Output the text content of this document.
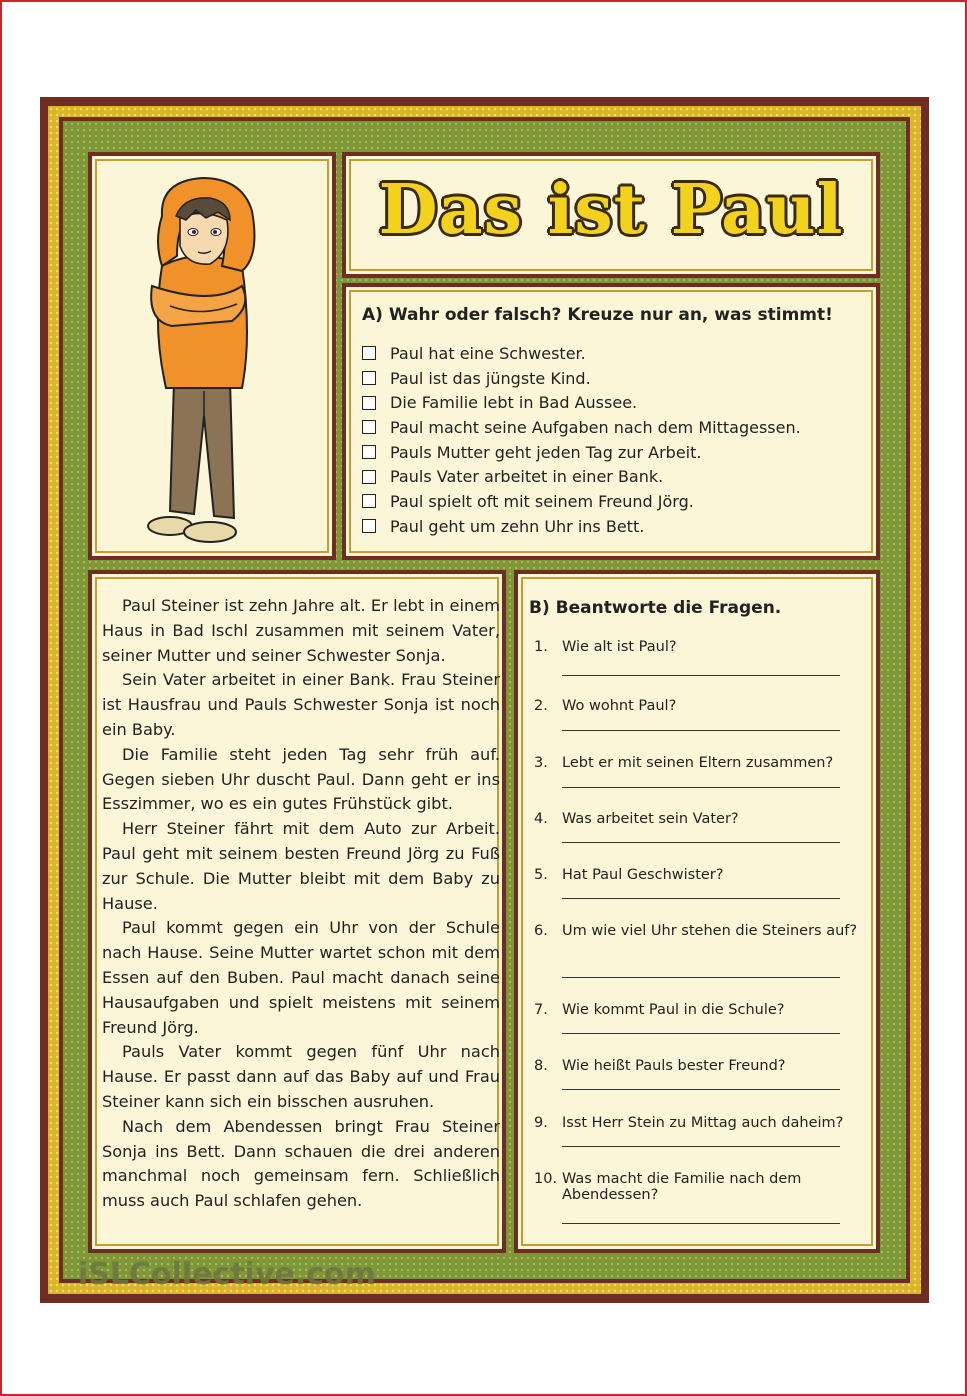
Das ist Paul
A) Wahr oder falsch? Kreuze nur an, was stimmt!
Paul hat eine Schwester.
Paul ist das jüngste Kind.
Die Familie lebt in Bad Aussee.
Paul macht seine Aufgaben nach dem Mittagessen.
Pauls Mutter geht jeden Tag zur Arbeit.
Pauls Vater arbeitet in einer Bank.
Paul spielt oft mit seinem Freund Jörg.
Paul geht um zehn Uhr ins Bett.

Paul Steiner ist zehn Jahre alt. Er lebt in einem Haus in Bad Ischl zusammen mit seinem Vater, seiner Mutter und seiner Schwester Sonja.

Sein Vater arbeitet in einer Bank. Frau Steiner ist Hausfrau und Pauls Schwester Sonja ist noch ein Baby.

Die Familie steht jeden Tag sehr früh auf. Gegen sieben Uhr duscht Paul. Dann geht er ins Esszimmer, wo es ein gutes Frühstück gibt.

Herr Steiner fährt mit dem Auto zur Arbeit. Paul geht mit seinem besten Freund Jörg zu Fuß zur Schule. Die Mutter bleibt mit dem Baby zu Hause.

Paul kommt gegen ein Uhr von der Schule nach Hause. Seine Mutter wartet schon mit dem Essen auf den Buben. Paul macht danach seine Hausaufgaben und spielt meistens mit seinem Freund Jörg.

Pauls Vater kommt gegen fünf Uhr nach Hause. Er passt dann auf das Baby auf und Frau Steiner kann sich ein bisschen ausruhen.

Nach dem Abendessen bringt Frau Steiner Sonja ins Bett. Dann schauen die drei anderen manchmal noch gemeinsam fern. Schließlich muss auch Paul schlafen gehen.

B) Beantworte die Fragen.
1. Wie alt ist Paul?
2. Wo wohnt Paul?
3. Lebt er mit seinen Eltern zusammen?
4. Was arbeitet sein Vater?
5. Hat Paul Geschwister?
6. Um wie viel Uhr stehen die Steiners auf?
7. Wie kommt Paul in die Schule?
8. Wie heißt Pauls bester Freund?
9. Isst Herr Stein zu Mittag auch daheim?
10. Was macht die Familie nach dem Abendessen?
iSLCollective.com
